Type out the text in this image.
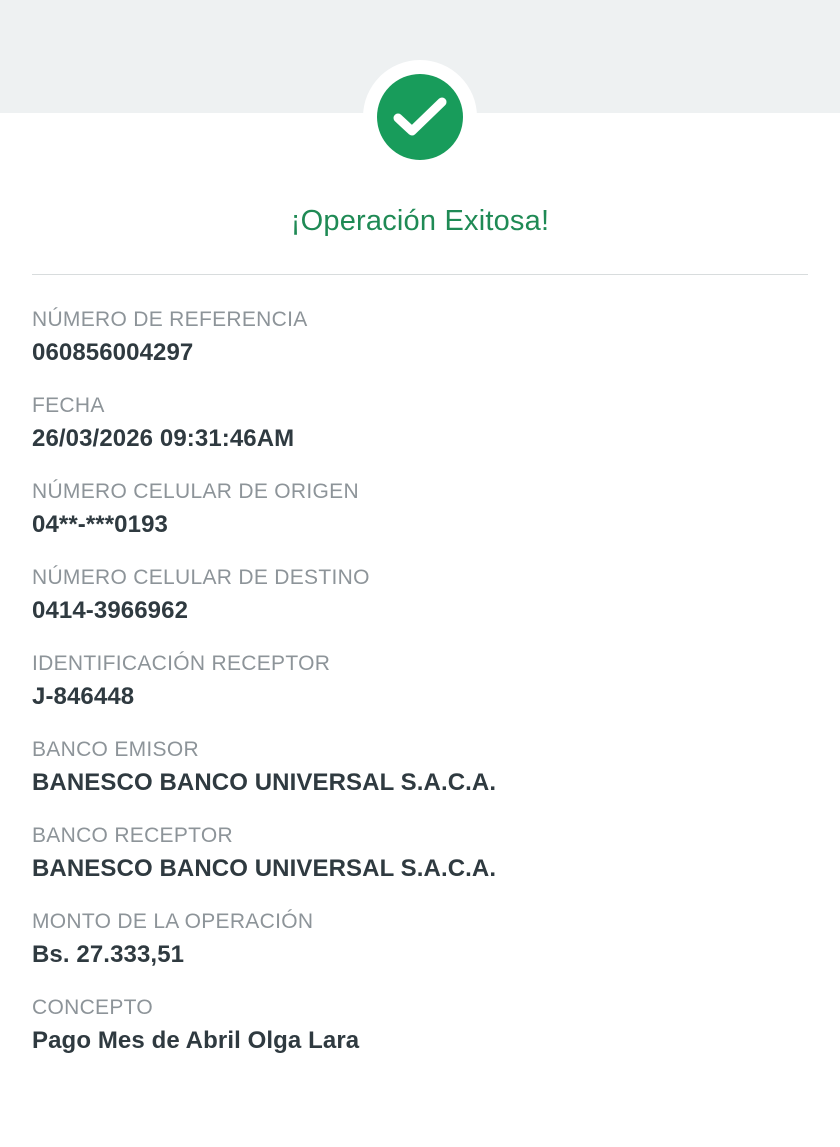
¡Operación Exitosa!
NÚMERO DE REFERENCIA
060856004297
FECHA
26/03/2026 09:31:46AM
NÚMERO CELULAR DE ORIGEN
04**-***0193
NÚMERO CELULAR DE DESTINO
0414-3966962
IDENTIFICACIÓN RECEPTOR
J-846448
BANCO EMISOR
BANESCO BANCO UNIVERSAL S.A.C.A.
BANCO RECEPTOR
BANESCO BANCO UNIVERSAL S.A.C.A.
MONTO DE LA OPERACIÓN
Bs. 27.333,51
CONCEPTO
Pago Mes de Abril Olga Lara
